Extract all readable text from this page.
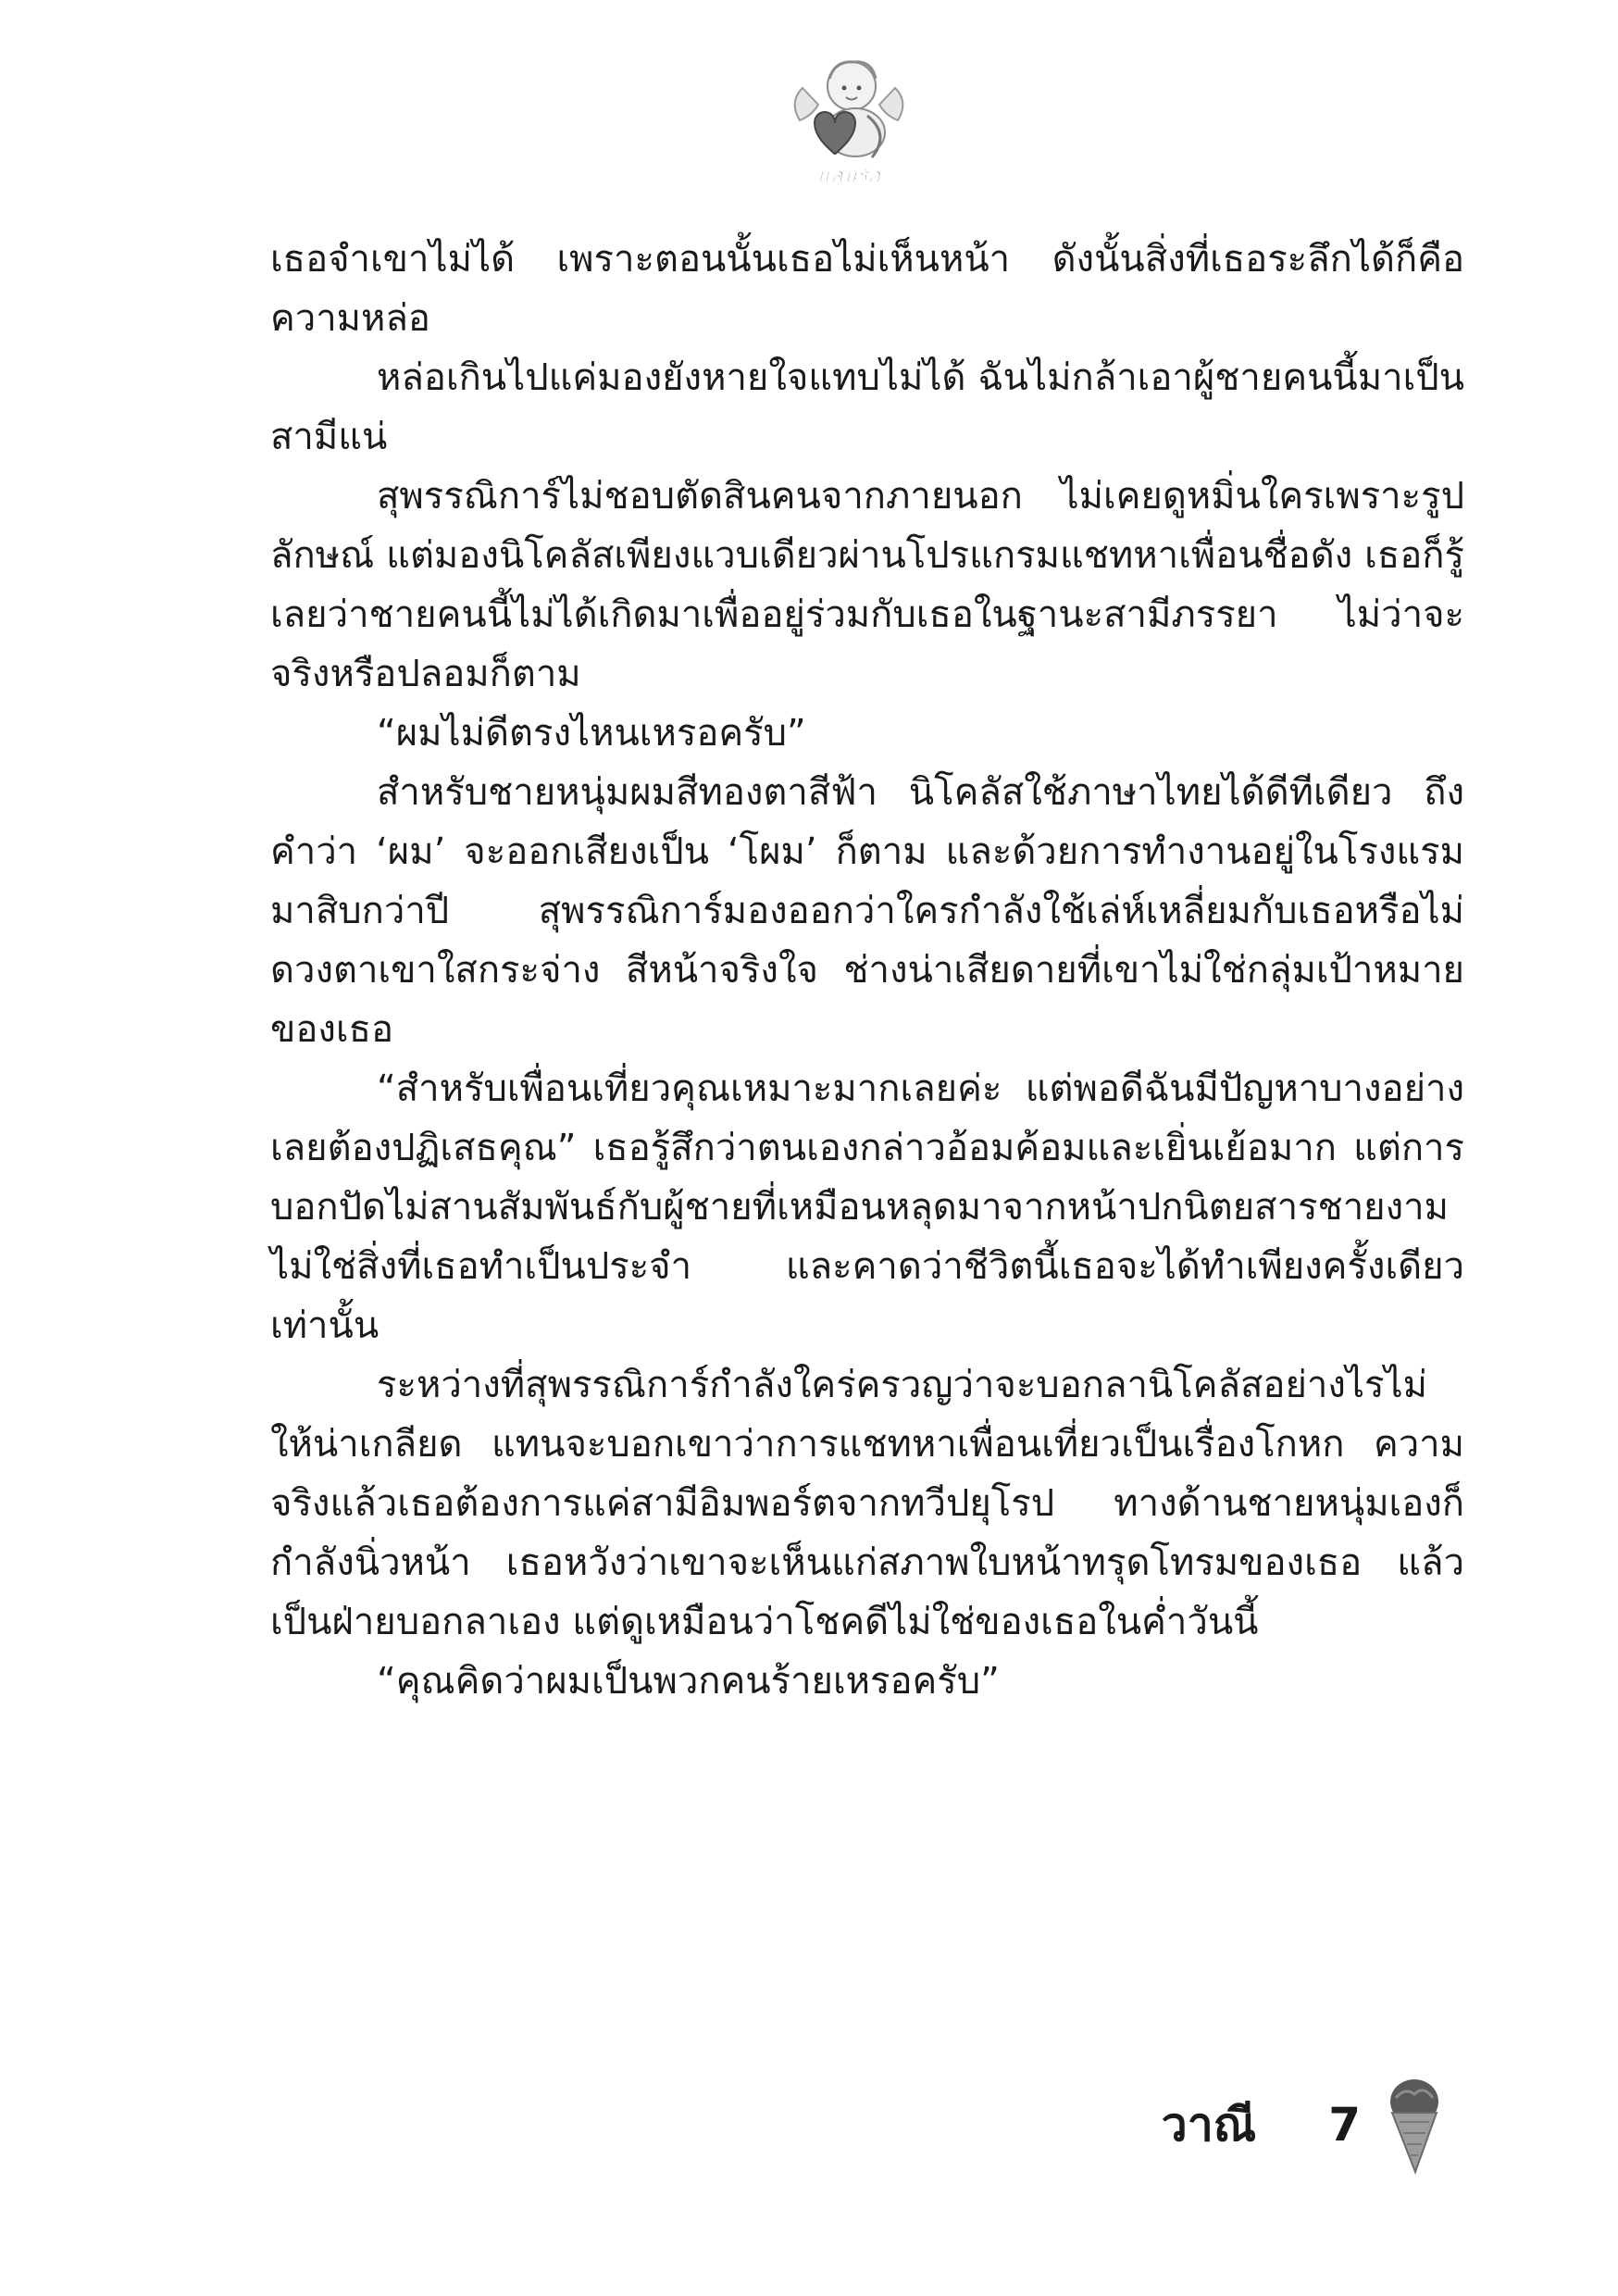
แสนรัก

เธอจำเขาไม่ได้ เพราะตอนนั้นเธอไม่เห็นหน้า ดังนั้นสิ่งที่เธอระลึกได้ก็คือ ความหล่อ

หล่อเกินไปแค่มองยังหายใจแทบไม่ได้ ฉันไม่กล้าเอาผู้ชายคนนี้มาเป็นสามีแน่

สุพรรณิการ์ไม่ชอบตัดสินคนจากภายนอก ไม่เคยดูหมิ่นใครเพราะรูปลักษณ์ แต่มองนิโคลัสเพียงแวบเดียวผ่านโปรแกรมแชทหาเพื่อนชื่อดัง เธอก็รู้เลยว่าชายคนนี้ไม่ได้เกิดมาเพื่ออยู่ร่วมกับเธอในฐานะสามีภรรยา ไม่ว่าจะจริงหรือปลอมก็ตาม

“ผมไม่ดีตรงไหนเหรอครับ”

สำหรับชายหนุ่มผมสีทองตาสีฟ้า นิโคลัสใช้ภาษาไทยได้ดีทีเดียว ถึงคำว่า ‘ผม’ จะออกเสียงเป็น ‘โผม’ ก็ตาม และด้วยการทำงานอยู่ในโรงแรมมาสิบกว่าปี สุพรรณิการ์มองออกว่าใครกำลังใช้เล่ห์เหลี่ยมกับเธอหรือไม่ ดวงตาเขาใสกระจ่าง สีหน้าจริงใจ ช่างน่าเสียดายที่เขาไม่ใช่กลุ่มเป้าหมายของเธอ

“สำหรับเพื่อนเที่ยวคุณเหมาะมากเลยค่ะ แต่พอดีฉันมีปัญหาบางอย่างเลยต้องปฏิเสธคุณ” เธอรู้สึกว่าตนเองกล่าวอ้อมค้อมและเยิ่นเย้อมาก แต่การบอกปัดไม่สานสัมพันธ์กับผู้ชายที่เหมือนหลุดมาจากหน้าปกนิตยสารชายงามไม่ใช่สิ่งที่เธอทำเป็นประจำ และคาดว่าชีวิตนี้เธอจะได้ทำเพียงครั้งเดียวเท่านั้น

ระหว่างที่สุพรรณิการ์กำลังใคร่ครวญว่าจะบอกลานิโคลัสอย่างไรไม่ให้น่าเกลียด แทนจะบอกเขาว่าการแชทหาเพื่อนเที่ยวเป็นเรื่องโกหก ความจริงแล้วเธอต้องการแค่สามีอิมพอร์ตจากทวีปยุโรป ทางด้านชายหนุ่มเองก็กำลังนิ่วหน้า เธอหวังว่าเขาจะเห็นแก่สภาพใบหน้าทรุดโทรมของเธอ แล้วเป็นฝ่ายบอกลาเอง แต่ดูเหมือนว่าโชคดีไม่ใช่ของเธอในค่ำวันนี้

“คุณคิดว่าผมเป็นพวกคนร้ายเหรอครับ”

วาณี 7
